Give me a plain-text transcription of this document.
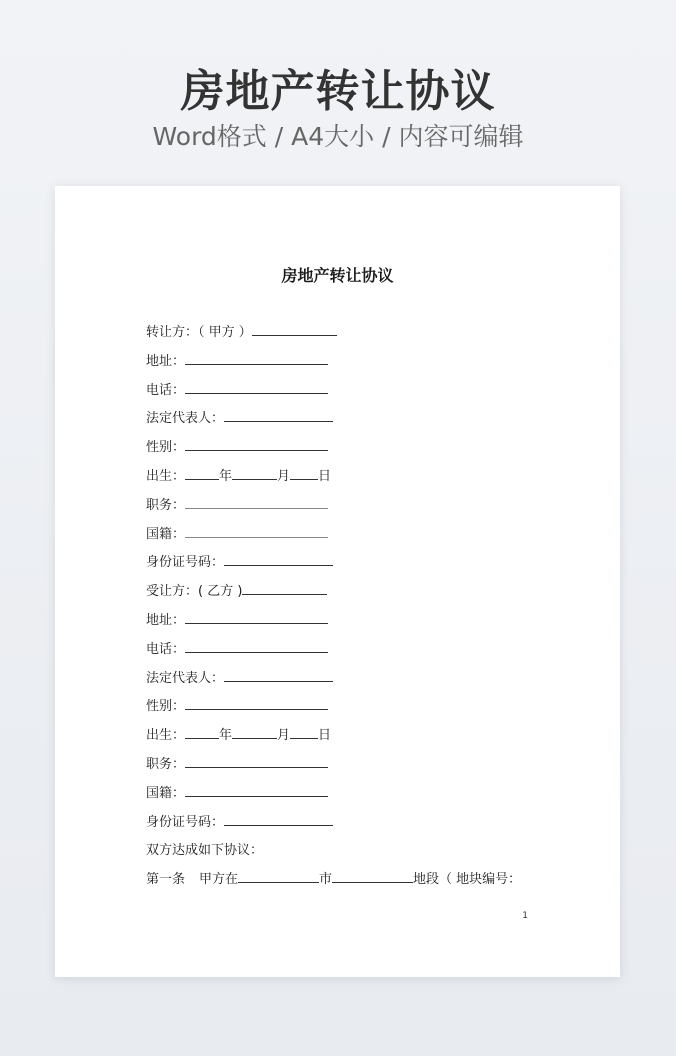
房地产转让协议
Word格式 / A4大小 / 内容可编辑
房地产转让协议
转让方：（ 甲方 ）
地址：
电话：
法定代表人：
性别：
出生：	年	月 日
职务：
国籍：
身份证号码：
受让方：( 乙方 )
地址：
电话：
法定代表人：
性别：
出生：	年	月 日
职务：
国籍：
身份证号码：
双方达成如下协议：
第一条 甲方在	市	地段（ 地块编号：
1
